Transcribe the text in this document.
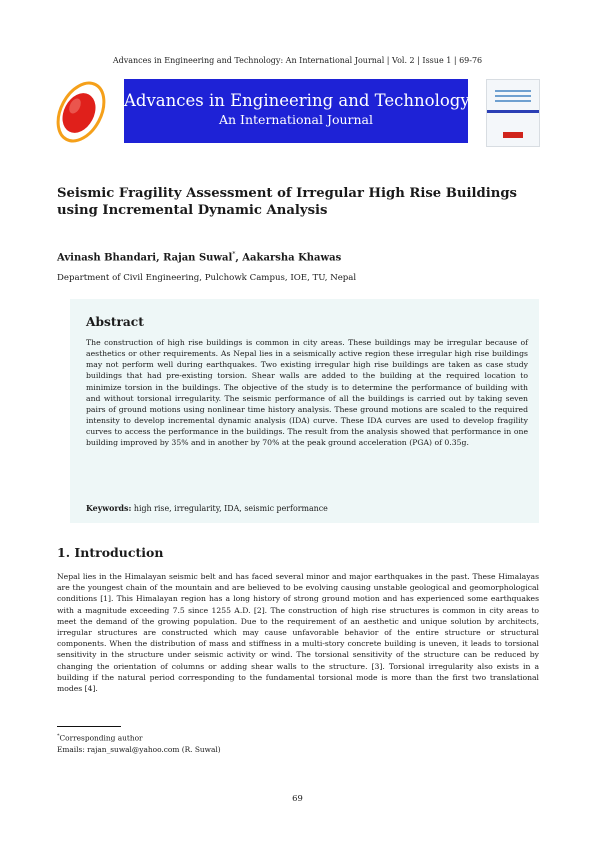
Advances in Engineering and Technology: An International Journal | Vol. 2 | Issue 1 | 69-76
Advances in Engineering and Technology
An International Journal
Seismic Fragility Assessment of Irregular High Rise Buildings using Incremental Dynamic Analysis
Avinash Bhandari, Rajan Suwal*, Aakarsha Khawas
Department of Civil Engineering, Pulchowk Campus, IOE, TU, Nepal
Abstract
The construction of high rise buildings is common in city areas. These buildings may be irregular because of aesthetics or other requirements. As Nepal lies in a seismically active region these irregular high rise buildings may not perform well during earthquakes. Two existing irregular high rise buildings are taken as case study buildings that had pre-existing torsion. Shear walls are added to the building at the required location to minimize torsion in the buildings. The objective of the study is to determine the performance of building with and without torsional irregularity. The seismic performance of all the buildings is carried out by taking seven pairs of ground motions using nonlinear time history analysis. These ground motions are scaled to the required intensity to develop incremental dynamic analysis (IDA) curve. These IDA curves are used to develop fragility curves to access the performance in the buildings. The result from the analysis showed that performance in one building improved by 35% and in another by 70% at the peak ground acceleration (PGA) of 0.35g.
Keywords: high rise, irregularity, IDA, seismic performance
1. Introduction
Nepal lies in the Himalayan seismic belt and has faced several minor and major earthquakes in the past. These Himalayas are the youngest chain of the mountain and are believed to be evolving causing unstable geological and geomorphological conditions [1]. This Himalayan region has a long history of strong ground motion and has experienced some earthquakes with a magnitude exceeding 7.5 since 1255 A.D. [2]. The construction of high rise structures is common in city areas to meet the demand of the growing population. Due to the requirement of an aesthetic and unique solution by architects, irregular structures are constructed which may cause unfavorable behavior of the entire structure or structural components. When the distribution of mass and stiffness in a multi-story concrete building is uneven, it leads to torsional sensitivity in the structure under seismic activity or wind. The torsional sensitivity of the structure can be reduced by changing the orientation of columns or adding shear walls to the structure. [3]. Torsional irregularity also exists in a building if the natural period corresponding to the fundamental torsional mode is more than the first two translational modes [4].
*Corresponding author
Emails: rajan_suwal@yahoo.com (R. Suwal)
69
